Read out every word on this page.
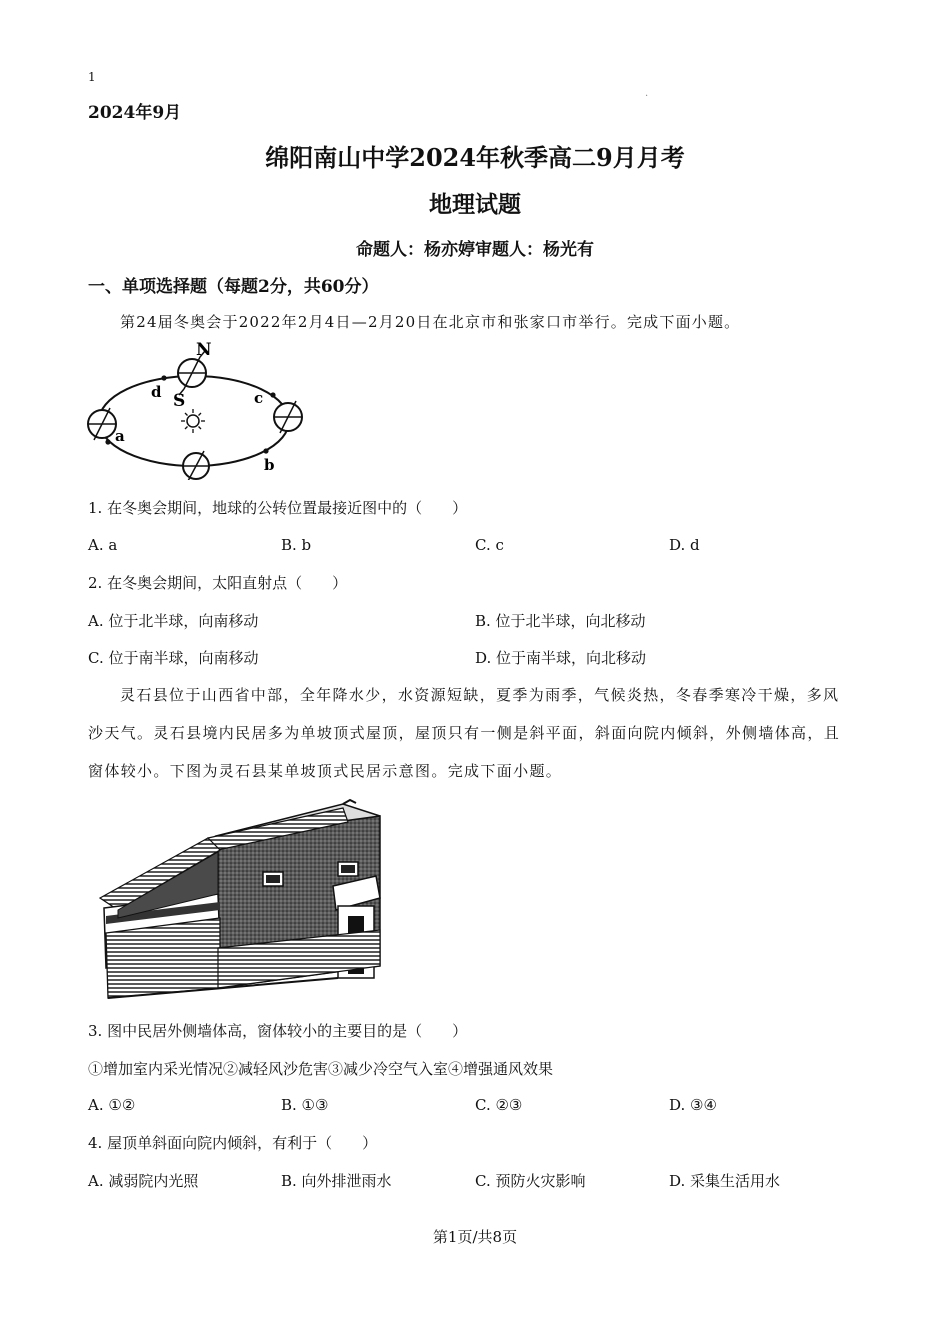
1
2024年9月
.
绵阳南山中学2024年秋季高二9月月考
地理试题
命题人：杨亦婷审题人：杨光有
一、单项选择题（每题2分，共60分）
第24届冬奥会于2022年2月4日—2月20日在北京市和张家口市举行。完成下面小题。
N
S
d	c
b
a
1. 在冬奥会期间，地球的公转位置最接近图中的（　　）
A. a	B. b	C. c	D. d
2. 在冬奥会期间，太阳直射点（　　）
A. 位于北半球，向南移动	B. 位于北半球，向北移动
C. 位于南半球，向南移动	D. 位于南半球，向北移动
灵石县位于山西省中部，全年降水少，水资源短缺，夏季为雨季，气候炎热，冬春季寒冷干燥，多风
沙天气。灵石县境内民居多为单坡顶式屋顶，屋顶只有一侧是斜平面，斜面向院内倾斜，外侧墙体高，且
窗体较小。下图为灵石县某单坡顶式民居示意图。完成下面小题。
3. 图中民居外侧墙体高，窗体较小的主要目的是（　　）
①增加室内采光情况②减轻风沙危害③减少冷空气入室④增强通风效果
A. ①②	B. ①③	C. ②③	D. ③④
4. 屋顶单斜面向院内倾斜，有利于（　　）
A. 减弱院内光照	B. 向外排泄雨水	C. 预防火灾影响	D. 采集生活用水
第1页/共8页
